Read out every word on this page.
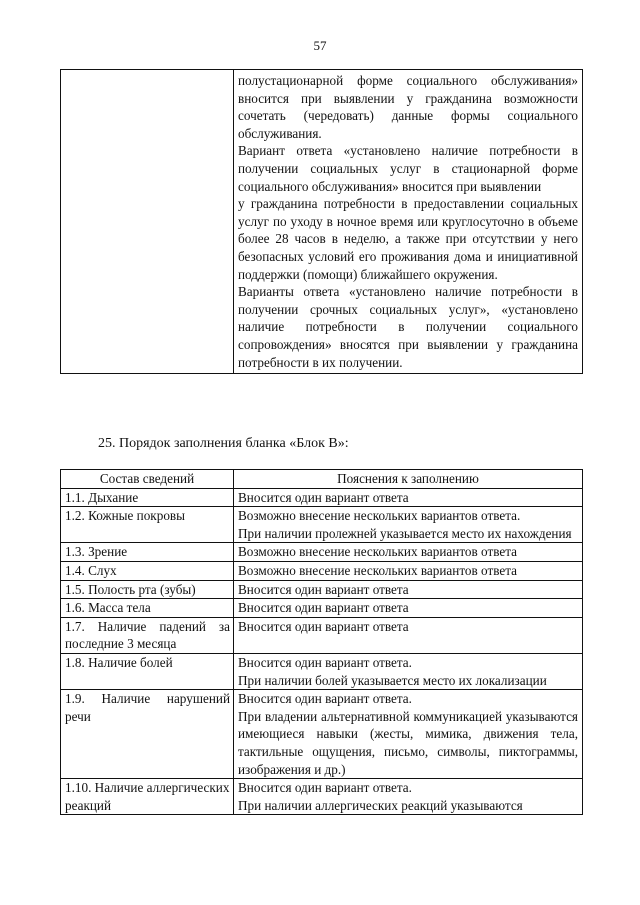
57

полустационарной форме социального обслуживания» вносится при выявлении у гражданина возможности сочетать (чередовать) данные формы социального обслуживания.

Вариант ответа «установлено наличие потребности в получении социальных услуг в стационарной форме социального обслуживания» вносится при выявлении

у гражданина потребности в предоставлении социальных услуг по уходу в ночное время или круглосуточно в объеме более 28 часов в неделю, а также при отсутствии у него безопасных условий его проживания дома и инициативной поддержки (помощи) ближайшего окружения.

Варианты ответа «установлено наличие потребности в получении срочных социальных услуг», «установлено наличие потребности в получении социального сопровождения» вносятся при выявлении у гражданина потребности в их получении.

25. Порядок заполнения бланка «Блок В»:

Состав сведений	Пояснения к заполнению
1.1. Дыхание	Вносится один вариант ответа

1.2. Кожные покровы	Возможно внесение нескольких вариантов ответа.

При наличии пролежней указывается место их нахождения

1.3. Зрение	Возможно внесение нескольких вариантов ответа

1.4. Слух	Возможно внесение нескольких вариантов ответа

1.5. Полость рта (зубы)	Вносится один вариант ответа

1.6. Масса тела	Вносится один вариант ответа

1.7. Наличие падений за последние 3 месяца	Вносится один вариант ответа

1.8. Наличие болей	Вносится один вариант ответа.

При наличии болей указывается место их локализации

1.9. Наличие нарушений речи	Вносится один вариант ответа.

При владении альтернативной коммуникацией указываются имеющиеся навыки (жесты, мимика, движения тела, тактильные ощущения, письмо, символы, пиктограммы, изображения и др.)

1.10. Наличие аллергических реакций	Вносится один вариант ответа.

При наличии аллергических реакций указываются
